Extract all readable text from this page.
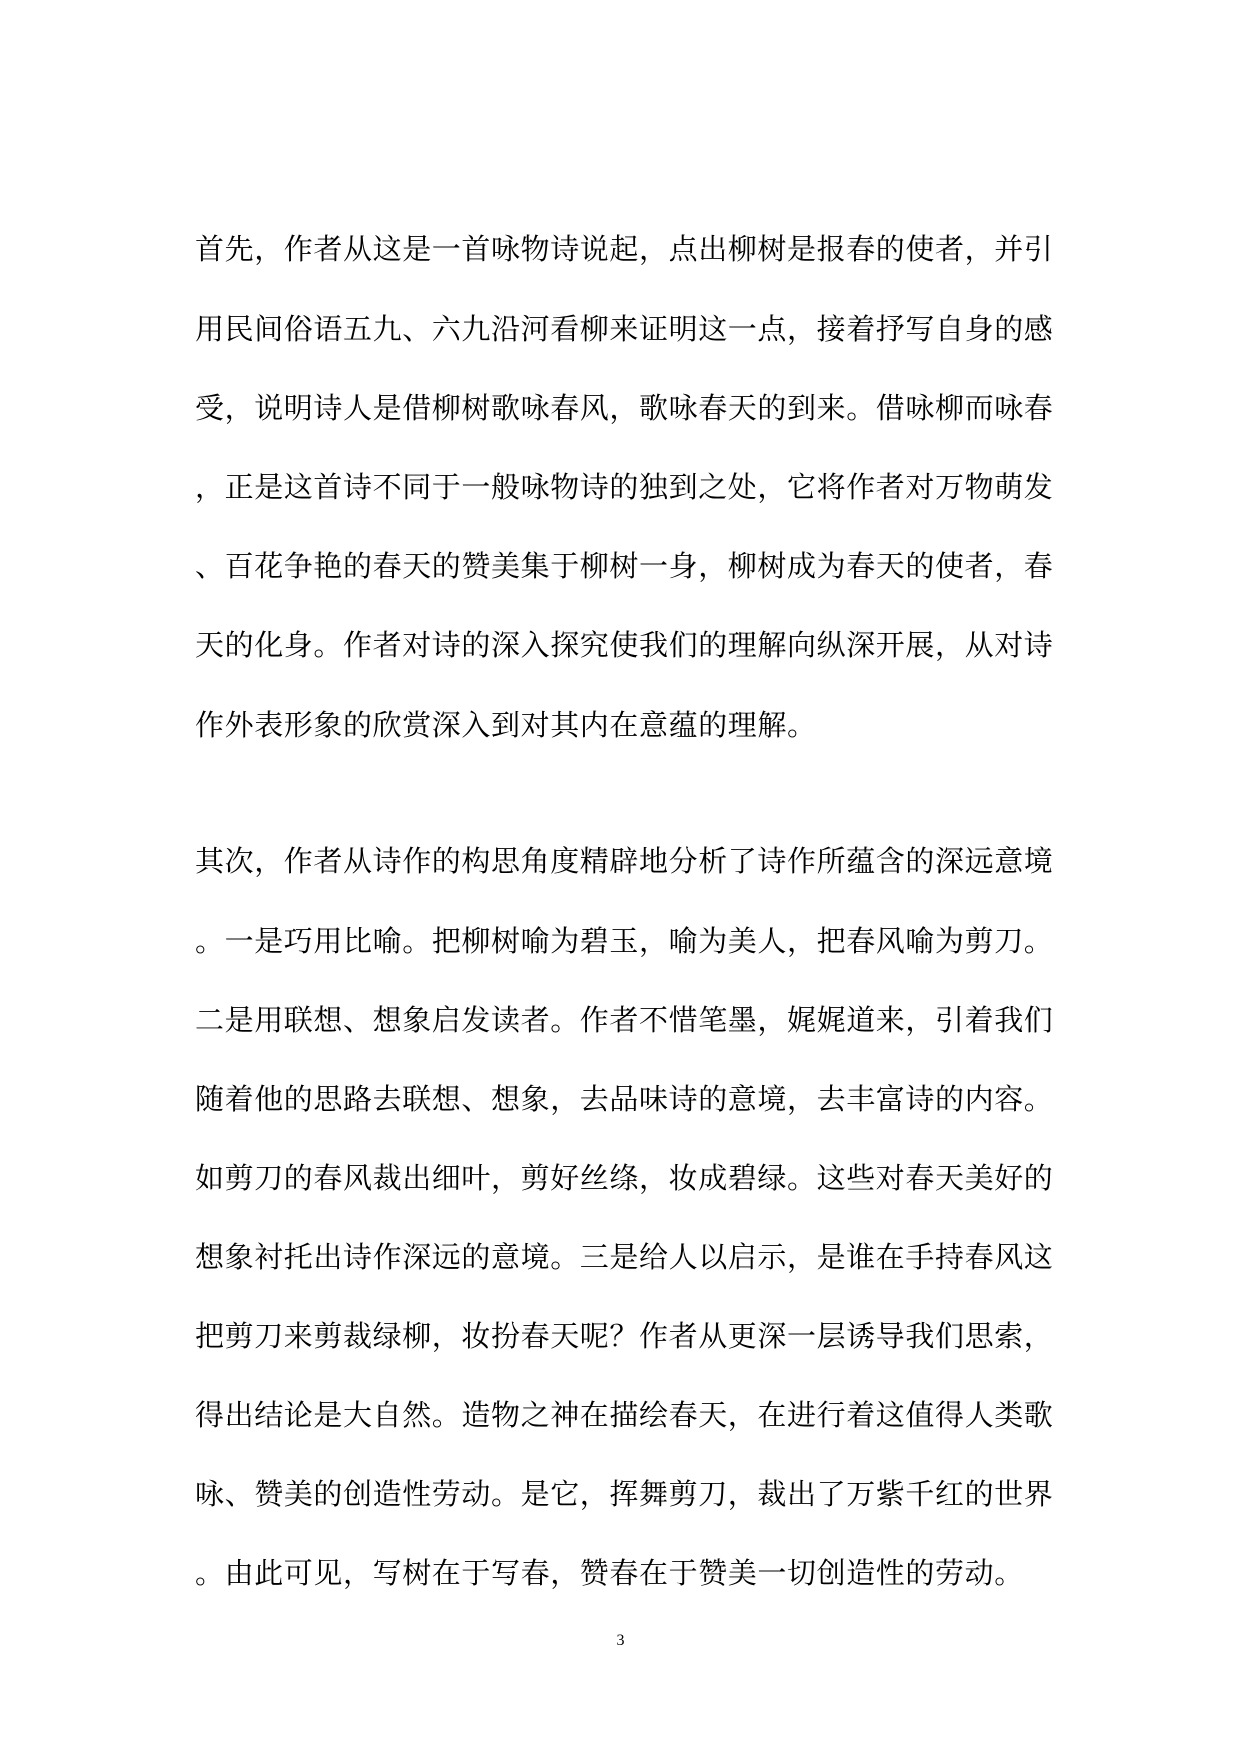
首先，作者从这是一首咏物诗说起，点出柳树是报春的使者，并引
用民间俗语五九、六九沿河看柳来证明这一点，接着抒写自身的感
受，说明诗人是借柳树歌咏春风，歌咏春天的到来。借咏柳而咏春
，正是这首诗不同于一般咏物诗的独到之处，它将作者对万物萌发
、百花争艳的春天的赞美集于柳树一身，柳树成为春天的使者，春
天的化身。作者对诗的深入探究使我们的理解向纵深开展，从对诗
作外表形象的欣赏深入到对其内在意蕴的理解。
其次，作者从诗作的构思角度精辟地分析了诗作所蕴含的深远意境
。一是巧用比喻。把柳树喻为碧玉，喻为美人，把春风喻为剪刀。
二是用联想、想象启发读者。作者不惜笔墨，娓娓道来，引着我们
随着他的思路去联想、想象，去品味诗的意境，去丰富诗的内容。
如剪刀的春风裁出细叶，剪好丝绦，妆成碧绿。这些对春天美好的
想象衬托出诗作深远的意境。三是给人以启示，是谁在手持春风这
把剪刀来剪裁绿柳，妆扮春天呢？作者从更深一层诱导我们思索，
得出结论是大自然。造物之神在描绘春天，在进行着这值得人类歌
咏、赞美的创造性劳动。是它，挥舞剪刀，裁出了万紫千红的世界
。由此可见，写树在于写春，赞春在于赞美一切创造性的劳动。
3
